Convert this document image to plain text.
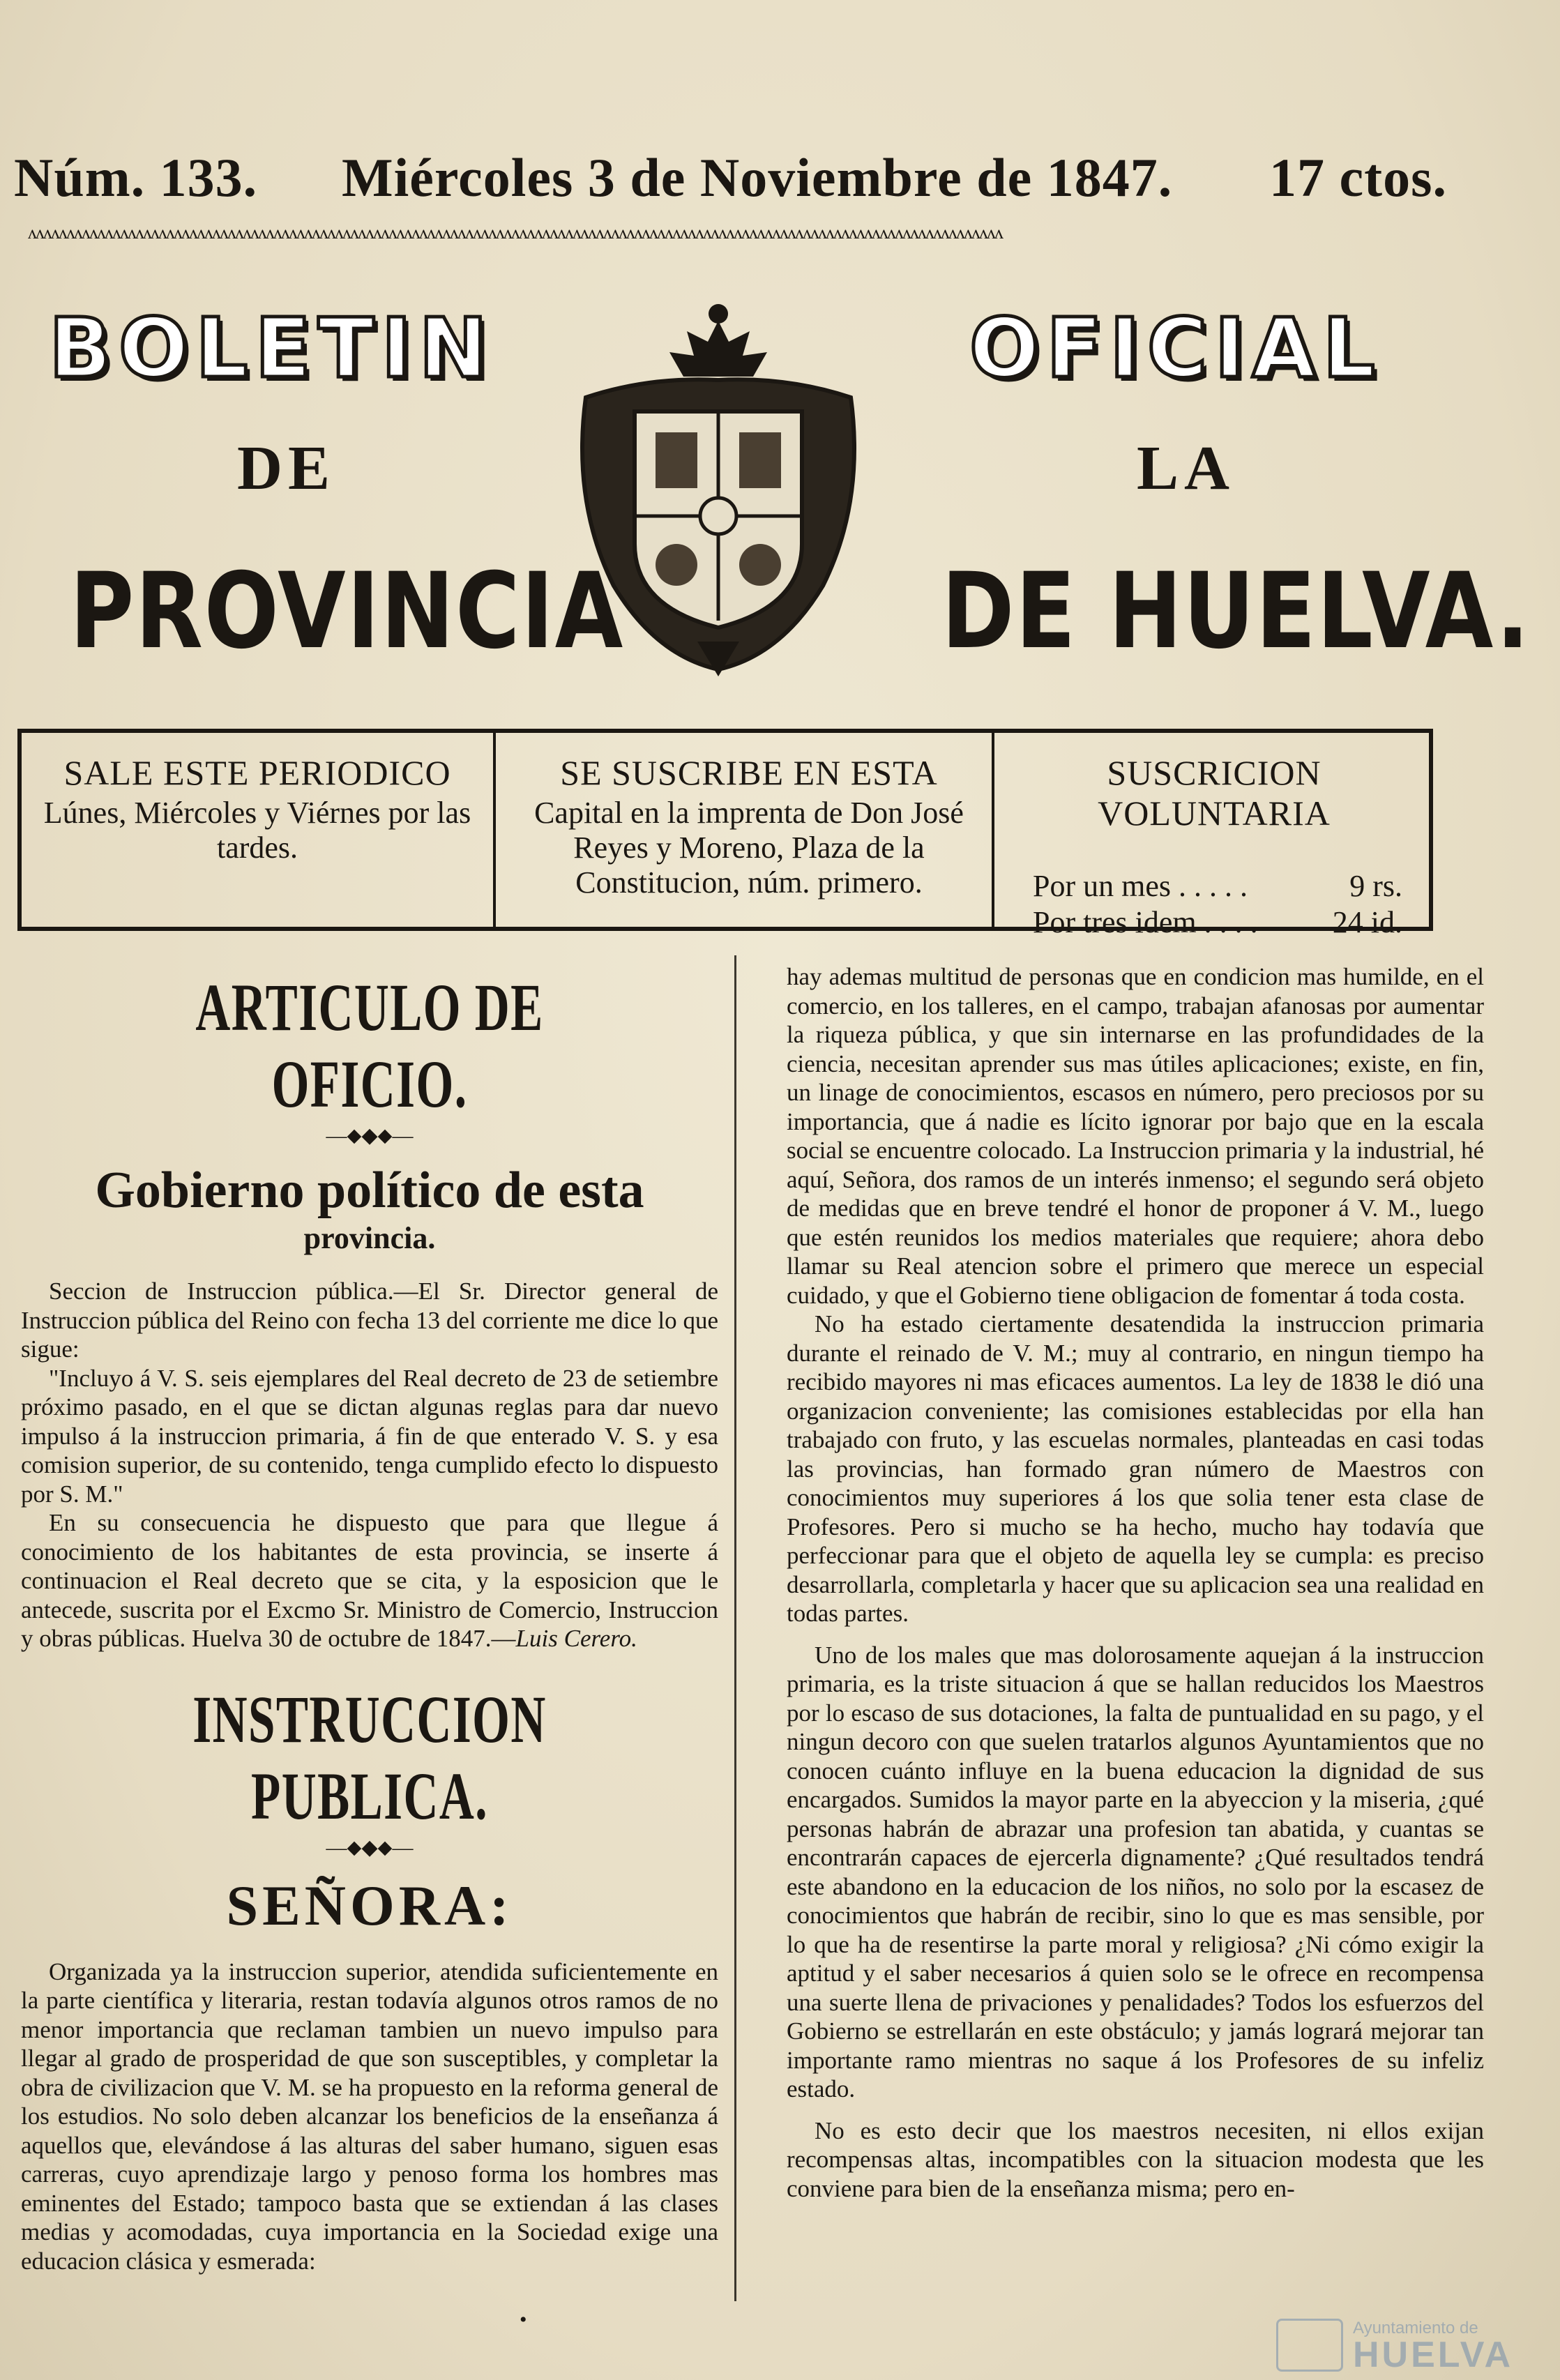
Núm. 133. Miércoles 3 de Noviembre de 1847. 17 ctos.
ʌʌʌʌʌʌʌʌʌʌʌʌʌʌʌʌʌʌʌʌʌʌʌʌʌʌʌʌʌʌʌʌʌʌʌʌʌʌʌʌʌʌʌʌʌʌʌʌʌʌʌʌʌʌʌʌʌʌʌʌʌʌʌʌʌʌʌʌʌʌʌʌʌʌʌʌʌʌʌʌʌʌʌʌʌʌʌʌʌʌʌʌʌʌʌʌʌʌʌʌʌʌʌʌʌʌʌʌʌʌʌʌʌʌʌʌʌʌʌʌʌʌʌʌʌʌʌ
BOLETIN	OFICIAL
DE	LA
PROVINCIA	DE HUELVA.
SALE ESTE PERIODICO

Lúnes, Miércoles y Viérnes por las tardes.

SE SUSCRIBE EN ESTA

Capital en la imprenta de Don José Reyes y Moreno, Plaza de la Constitucion, núm. primero.

SUSCRICION VOLUNTARIA
Por un mes . . . . .	9 rs.
Por tres idem . . . . 24 id.
ARTICULO DE OFICIO.
—⬥◆⬥—
Gobierno político de esta
provincia.

Seccion de Instruccion pública.—El Sr. Director general de Instruccion pública del Reino con fecha 13 del corriente me dice lo que sigue:

"Incluyo á V. S. seis ejemplares del Real decreto de 23 de setiembre próximo pasado, en el que se dictan algunas reglas para dar nuevo impulso á la instruccion primaria, á fin de que enterado V. S. y esa comision superior, de su contenido, tenga cumplido efecto lo dispuesto por S. M."

En su consecuencia he dispuesto que para que llegue á conocimiento de los habitantes de esta provincia, se inserte á continuacion el Real decreto que se cita, y la esposicion que le antecede, suscrita por el Excmo Sr. Ministro de Comercio, Instruccion y obras públicas. Huelva 30 de octubre de 1847.—Luis Cerero.

INSTRUCCION PUBLICA.
—⬥◆⬥—
SEÑORA:

Organizada ya la instruccion superior, atendida suficientemente en la parte científica y literaria, restan todavía algunos otros ramos de no menor importancia que reclaman tambien un nuevo impulso para llegar al grado de prosperidad de que son susceptibles, y completar la obra de civilizacion que V. M. se ha propuesto en la reforma general de los estudios. No solo deben alcanzar los beneficios de la enseñanza á aquellos que, elevándose á las alturas del saber humano, siguen esas carreras, cuyo aprendizaje largo y penoso forma los hombres mas eminentes del Estado; tampoco basta que se extiendan á las clases medias y acomodadas, cuya importancia en la Sociedad exige una educacion clásica y esmerada:

hay ademas multitud de personas que en condicion mas humilde, en el comercio, en los talleres, en el campo, trabajan afanosas por aumentar la riqueza pública, y que sin internarse en las profundidades de la ciencia, necesitan aprender sus mas útiles aplicaciones; existe, en fin, un linage de conocimientos, escasos en número, pero preciosos por su importancia, que á nadie es lícito ignorar por bajo que en la escala social se encuentre colocado. La Instruccion primaria y la industrial, hé aquí, Señora, dos ramos de un interés inmenso; el segundo será objeto de medidas que en breve tendré el honor de proponer á V. M., luego que estén reunidos los medios materiales que requiere; ahora debo llamar su Real atencion sobre el primero que merece un especial cuidado, y que el Gobierno tiene obligacion de fomentar á toda costa.

No ha estado ciertamente desatendida la instruccion primaria durante el reinado de V. M.; muy al contrario, en ningun tiempo ha recibido mayores ni mas eficaces aumentos. La ley de 1838 le dió una organizacion conveniente; las comisiones establecidas por ella han trabajado con fruto, y las escuelas normales, planteadas en casi todas las provincias, han formado gran número de Maestros con conocimientos muy superiores á los que solia tener esta clase de Profesores. Pero si mucho se ha hecho, mucho hay todavía que perfeccionar para que el objeto de aquella ley se cumpla: es preciso desarrollarla, completarla y hacer que su aplicacion sea una realidad en todas partes.

Uno de los males que mas dolorosamente aquejan á la instruccion primaria, es la triste situacion á que se hallan reducidos los Maestros por lo escaso de sus dotaciones, la falta de puntualidad en su pago, y el ningun decoro con que suelen tratarlos algunos Ayuntamientos que no conocen cuánto influye en la buena educacion la dignidad de sus encargados. Sumidos la mayor parte en la abyeccion y la miseria, ¿qué personas habrán de abrazar una profesion tan abatida, y cuantas se encontrarán capaces de ejercerla dignamente? ¿Qué resultados tendrá este abandono en la educacion de los niños, no solo por la escasez de conocimientos que habrán de recibir, sino lo que es mas sensible, por lo que ha de resentirse la parte moral y religiosa? ¿Ni cómo exigir la aptitud y el saber necesarios á quien solo se le ofrece en recompensa una suerte llena de privaciones y penalidades? Todos los esfuerzos del Gobierno se estrellarán en este obstáculo; y jamás logrará mejorar tan importante ramo mientras no saque á los Profesores de su infeliz estado.

No es esto decir que los maestros necesiten, ni ellos exijan recompensas altas, incompatibles con la situacion modesta que les conviene para bien de la enseñanza misma; pero en-

•	Ayuntamiento de
HUELVA
